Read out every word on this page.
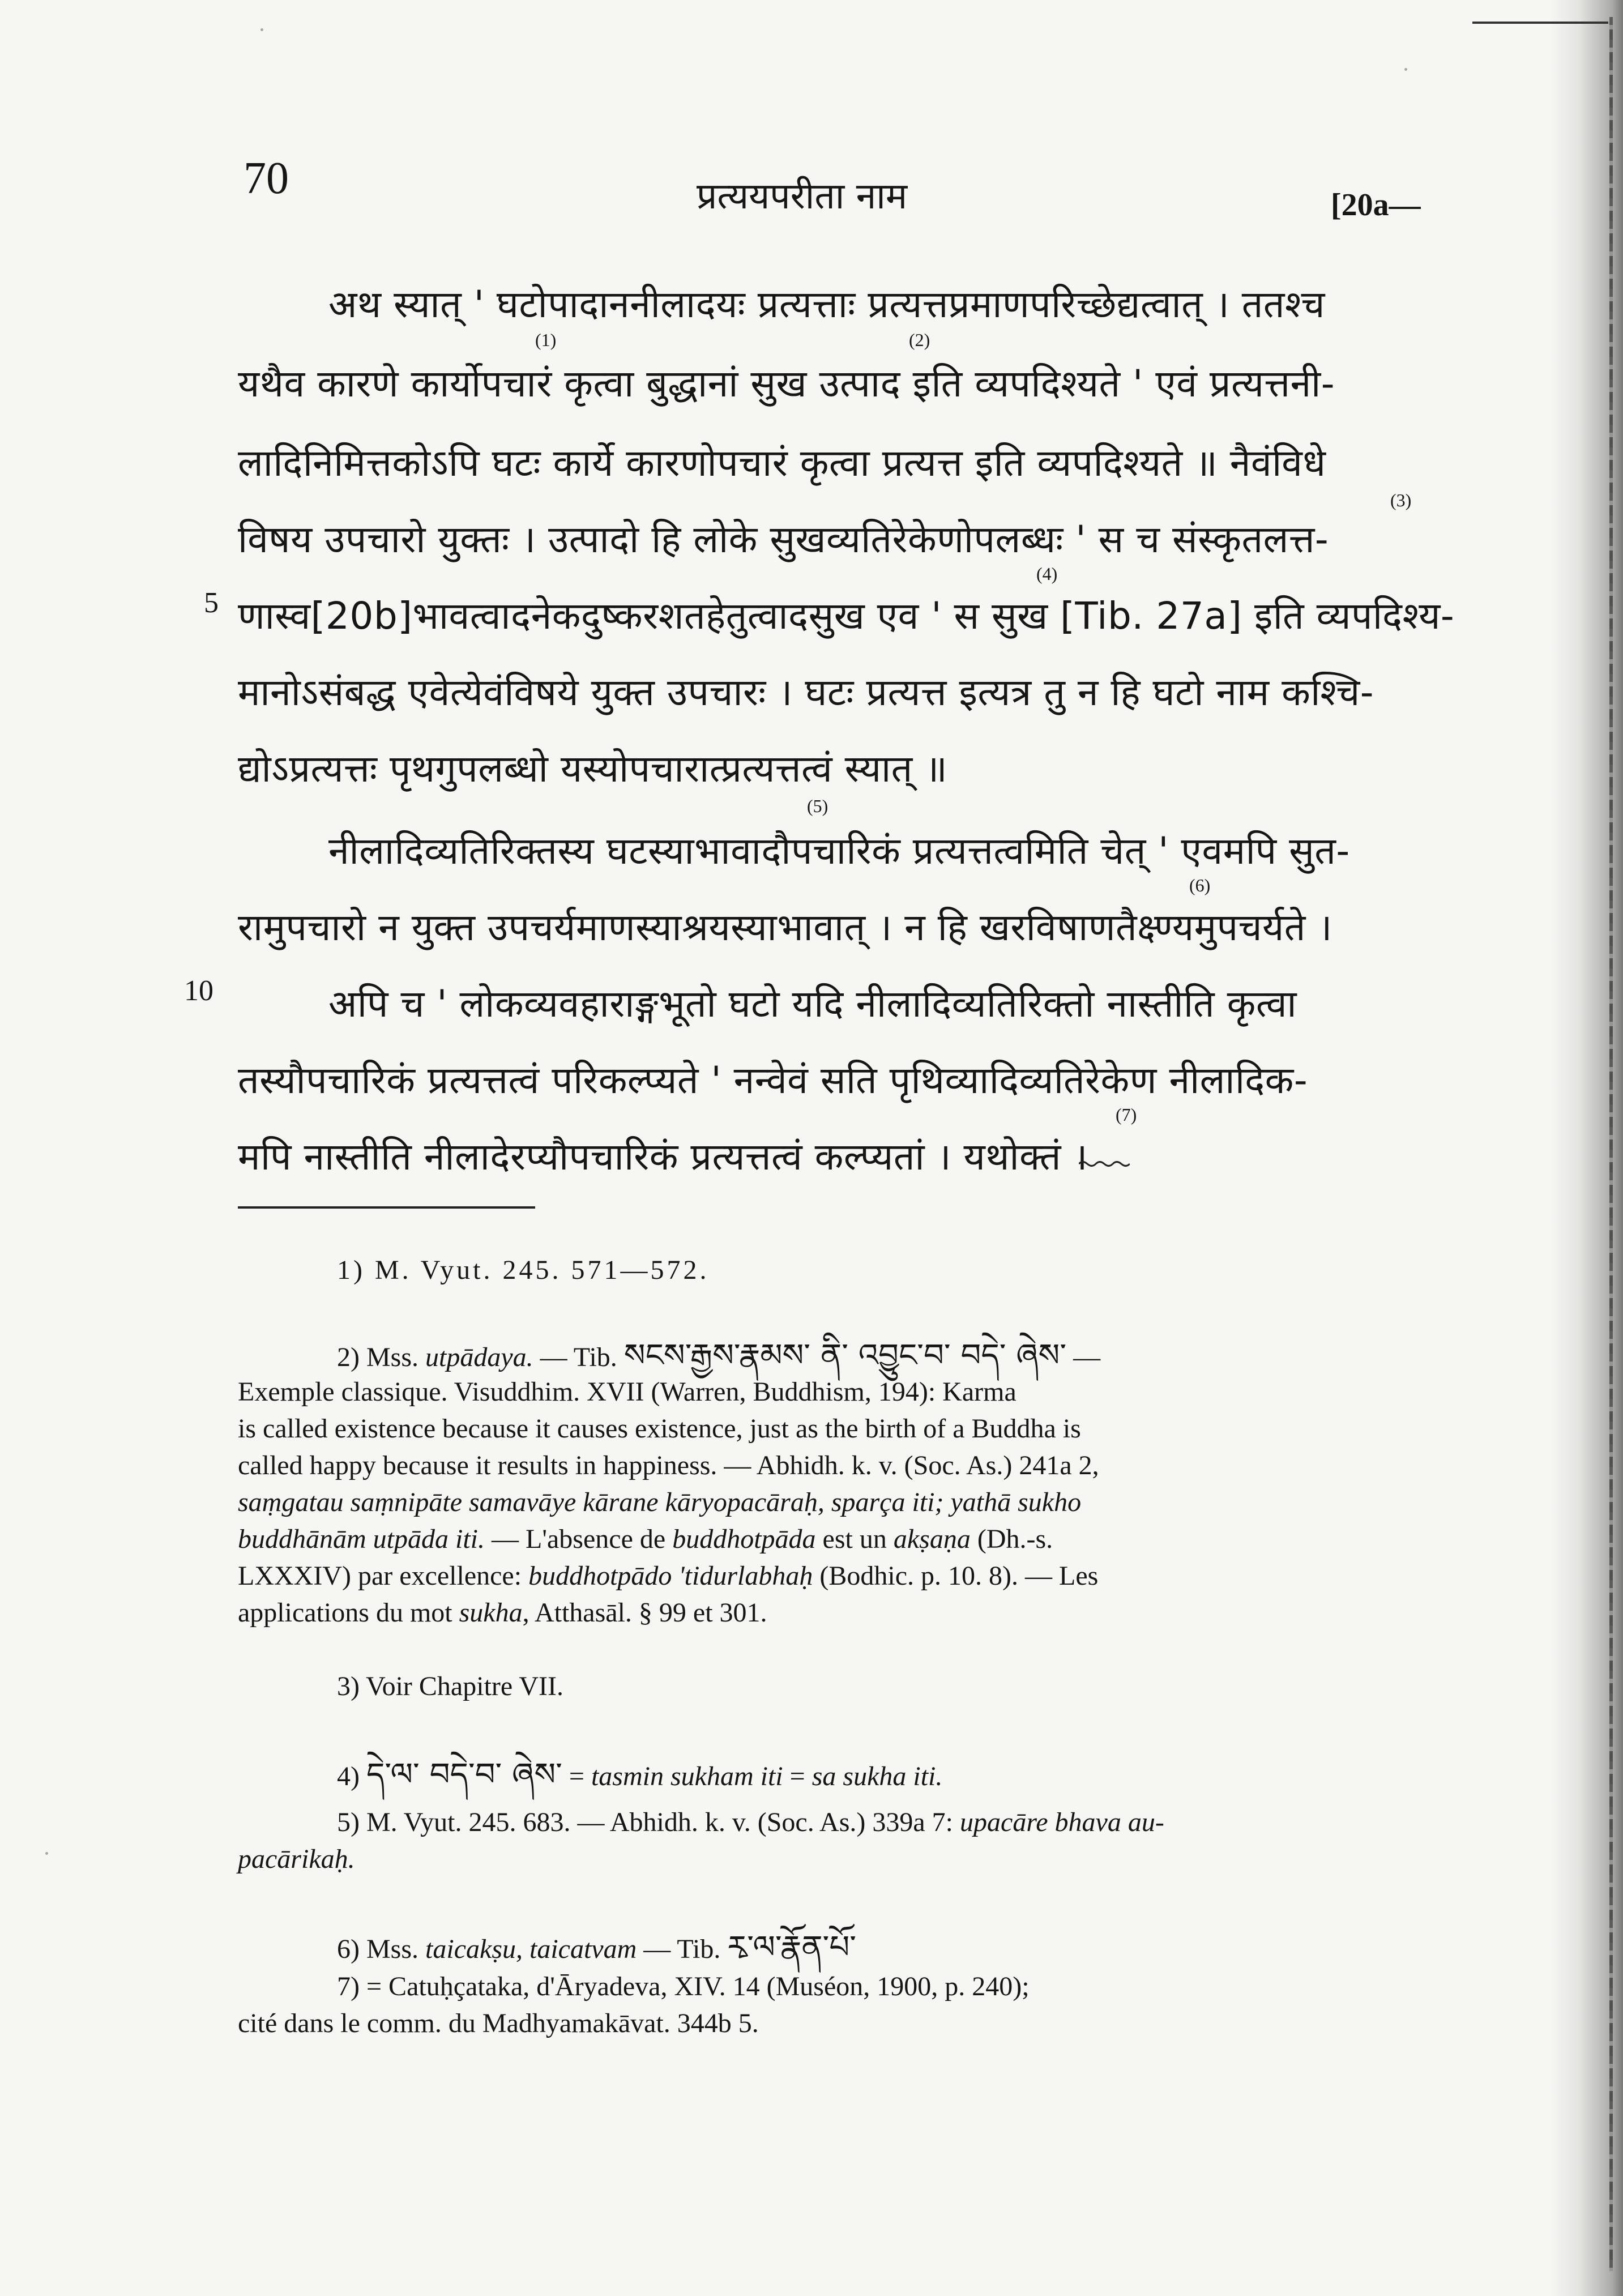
70	प्रत्ययपरीता नाम	[20a—
अथ स्यात् ' घटोपादाननीलादयः प्रत्यत्ताः प्रत्यत्तप्रमाणपरिच्छेद्यत्वात् । ततश्च
यथैव कारणे कार्योपचारं कृत्वा बुद्धानां सुख उत्पाद इति व्यपदिश्यते ' एवं प्रत्यत्तनी-
लादिनिमित्तकोऽपि घटः कार्ये कारणोपचारं कृत्वा प्रत्यत्त इति व्यपदिश्यते ॥ नैवंविधे
विषय उपचारो युक्तः । उत्पादो हि लोके सुखव्यतिरेकेणोपलब्धः ' स च संस्कृतलत्त-
5 णास्व[20b]भावत्वादनेकदुष्करशतहेतुत्वादसुख एव ' स सुख [Tib. 27a] इति व्यपदिश्य-
मानोऽसंबद्ध एवेत्येवंविषये युक्त उपचारः । घटः प्रत्यत्त इत्यत्र तु न हि घटो नाम कश्चि-
द्योऽप्रत्यत्तः पृथगुपलब्धो यस्योपचारात्प्रत्यत्तत्वं स्यात् ॥
नीलादिव्यतिरिक्तस्य घटस्याभावादौपचारिकं प्रत्यत्तत्वमिति चेत् ' एवमपि सुत-
रामुपचारो न युक्त उपचर्यमाणस्याश्रयस्याभावात् । न हि खरविषाणतैक्ष्ण्यमुपचर्यते ।
10	अपि च ' लोकव्यवहाराङ्गभूतो घटो यदि नीलादिव्यतिरिक्तो नास्तीति कृत्वा
तस्यौपचारिकं प्रत्यत्तत्वं परिकल्प्यते ' नन्वेवं सति पृथिव्यादिव्यतिरेकेण नीलादिक-
मपि नास्तीति नीलादेरप्यौपचारिकं प्रत्यत्तत्वं कल्प्यतां । यथोक्तं ।
1) M. Vyut. 245. 571—572.
2) Mss. utpādaya. — Tib. སངས་རྒྱས་རྣམས་ ནི་ འབྱུང་བ་ བདེ་ ཞེས་ —
Exemple classique. Visuddhim. XVII (Warren, Buddhism, 194): Karma
is called existence because it causes existence, just as the birth of a Buddha is
called happy because it results in happiness. — Abhidh. k. v. (Soc. As.) 241a 2,
saṃgatau saṃnipāte samavāye kārane kāryopacāraḥ, sparça iti; yathā sukho
buddhānām utpāda iti. — L'absence de buddhotpāda est un akṣaṇa (Dh.-s.
LXXXIV) par excellence: buddhotpādo 'tidurlabhaḥ (Bodhic. p. 10. 8). — Les
applications du mot sukha, Atthasāl. § 99 et 301.
3) Voir Chapitre VII.
4) དེ་ལ་ བདེ་བ་ ཞེས་ = tasmin sukham iti = sa sukha iti.
5) M. Vyut. 245. 683. — Abhidh. k. v. (Soc. As.) 339a 7: upacāre bhava au-
pacārikaḥ.
6) Mss. taicakṣu, taicatvam — Tib. རྭ་ལ་རྣོན་པོ་
7) = Catuḥçataka, d'Āryadeva, XIV. 14 (Muséon, 1900, p. 240);
cité dans le comm. du Madhyamakāvat. 344b 5.
(1)	(2)
(3)
(4)
(5)
(6)
(7)
